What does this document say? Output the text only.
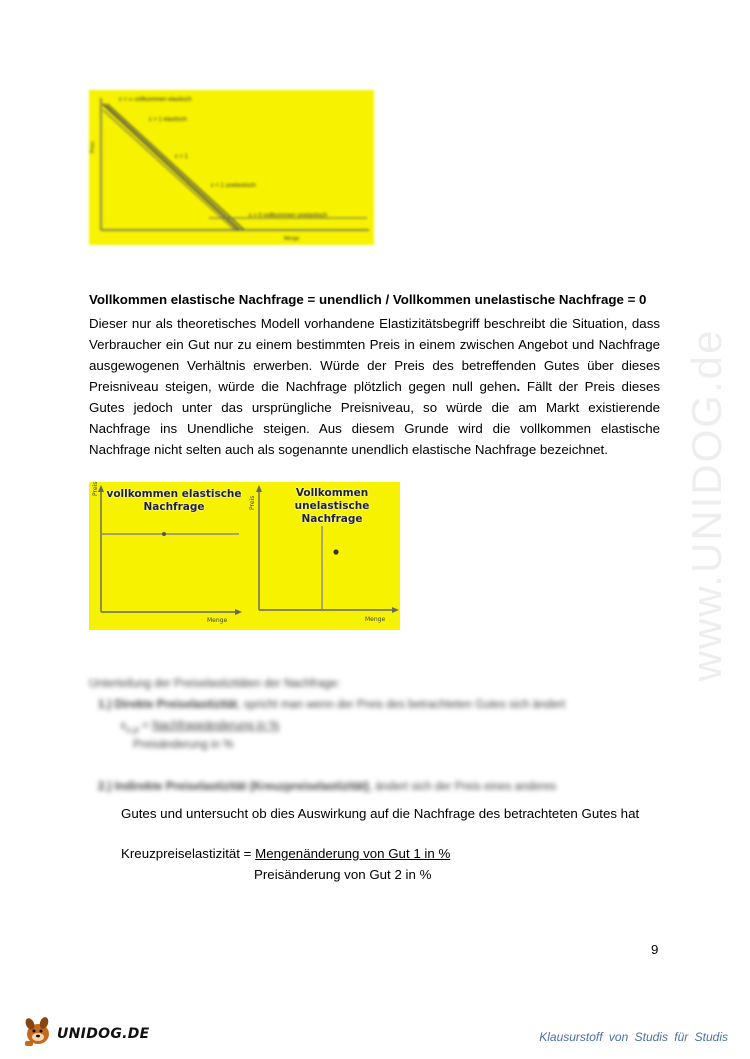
ε = ∞ vollkommen elastisch
ε > 1 elastisch
ε = 1
ε < 1 unelastisch
ε = 0 vollkommen unelastisch
Preis
Menge
Vollkommen elastische Nachfrage = unendlich / Vollkommen unelastische Nachfrage = 0
Dieser nur als theoretisches Modell vorhandene Elastizitätsbegriff beschreibt die Situation, dass Verbraucher ein Gut nur zu einem bestimmten Preis in einem zwischen Angebot und Nachfrage ausgewogenen Verhältnis erwerben. Würde der Preis des betreffenden Gutes über dieses Preisniveau steigen, würde die Nachfrage plötzlich gegen null gehen. Fällt der Preis dieses Gutes jedoch unter das ursprüngliche Preisniveau, so würde die am Markt existierende Nachfrage ins Unendliche steigen. Aus diesem Grunde wird die vollkommen elastische Nachfrage nicht selten auch als sogenannte unendlich elastische Nachfrage bezeichnet.
Preis
Menge
vollkommen elastische
Nachfrage	Preis
Menge
Vollkommen
unelastische Nachfrage
Unterteilung der Preiselastizitäten der Nachfrage:
1.) Direkte Preiselastizität, spricht man wenn der Preis des betrachteten Gutes sich ändert
$\varepsilon_{x,p}$ = Nachfrageänderung in %
Preisänderung in %
2.) Indirekte Preiselastizität (Kreuzpreiselastizität), ändert sich der Preis eines anderes
Gutes und untersucht ob dies Auswirkung auf die Nachfrage des betrachteten Gutes hat
Kreuzpreiselastizität = Mengenänderung von Gut 1 in %
Preisänderung von Gut 2 in %
9
www.UNIDOG.de
UNIDOG.DE	Klausurstoff von Studis für Studis
